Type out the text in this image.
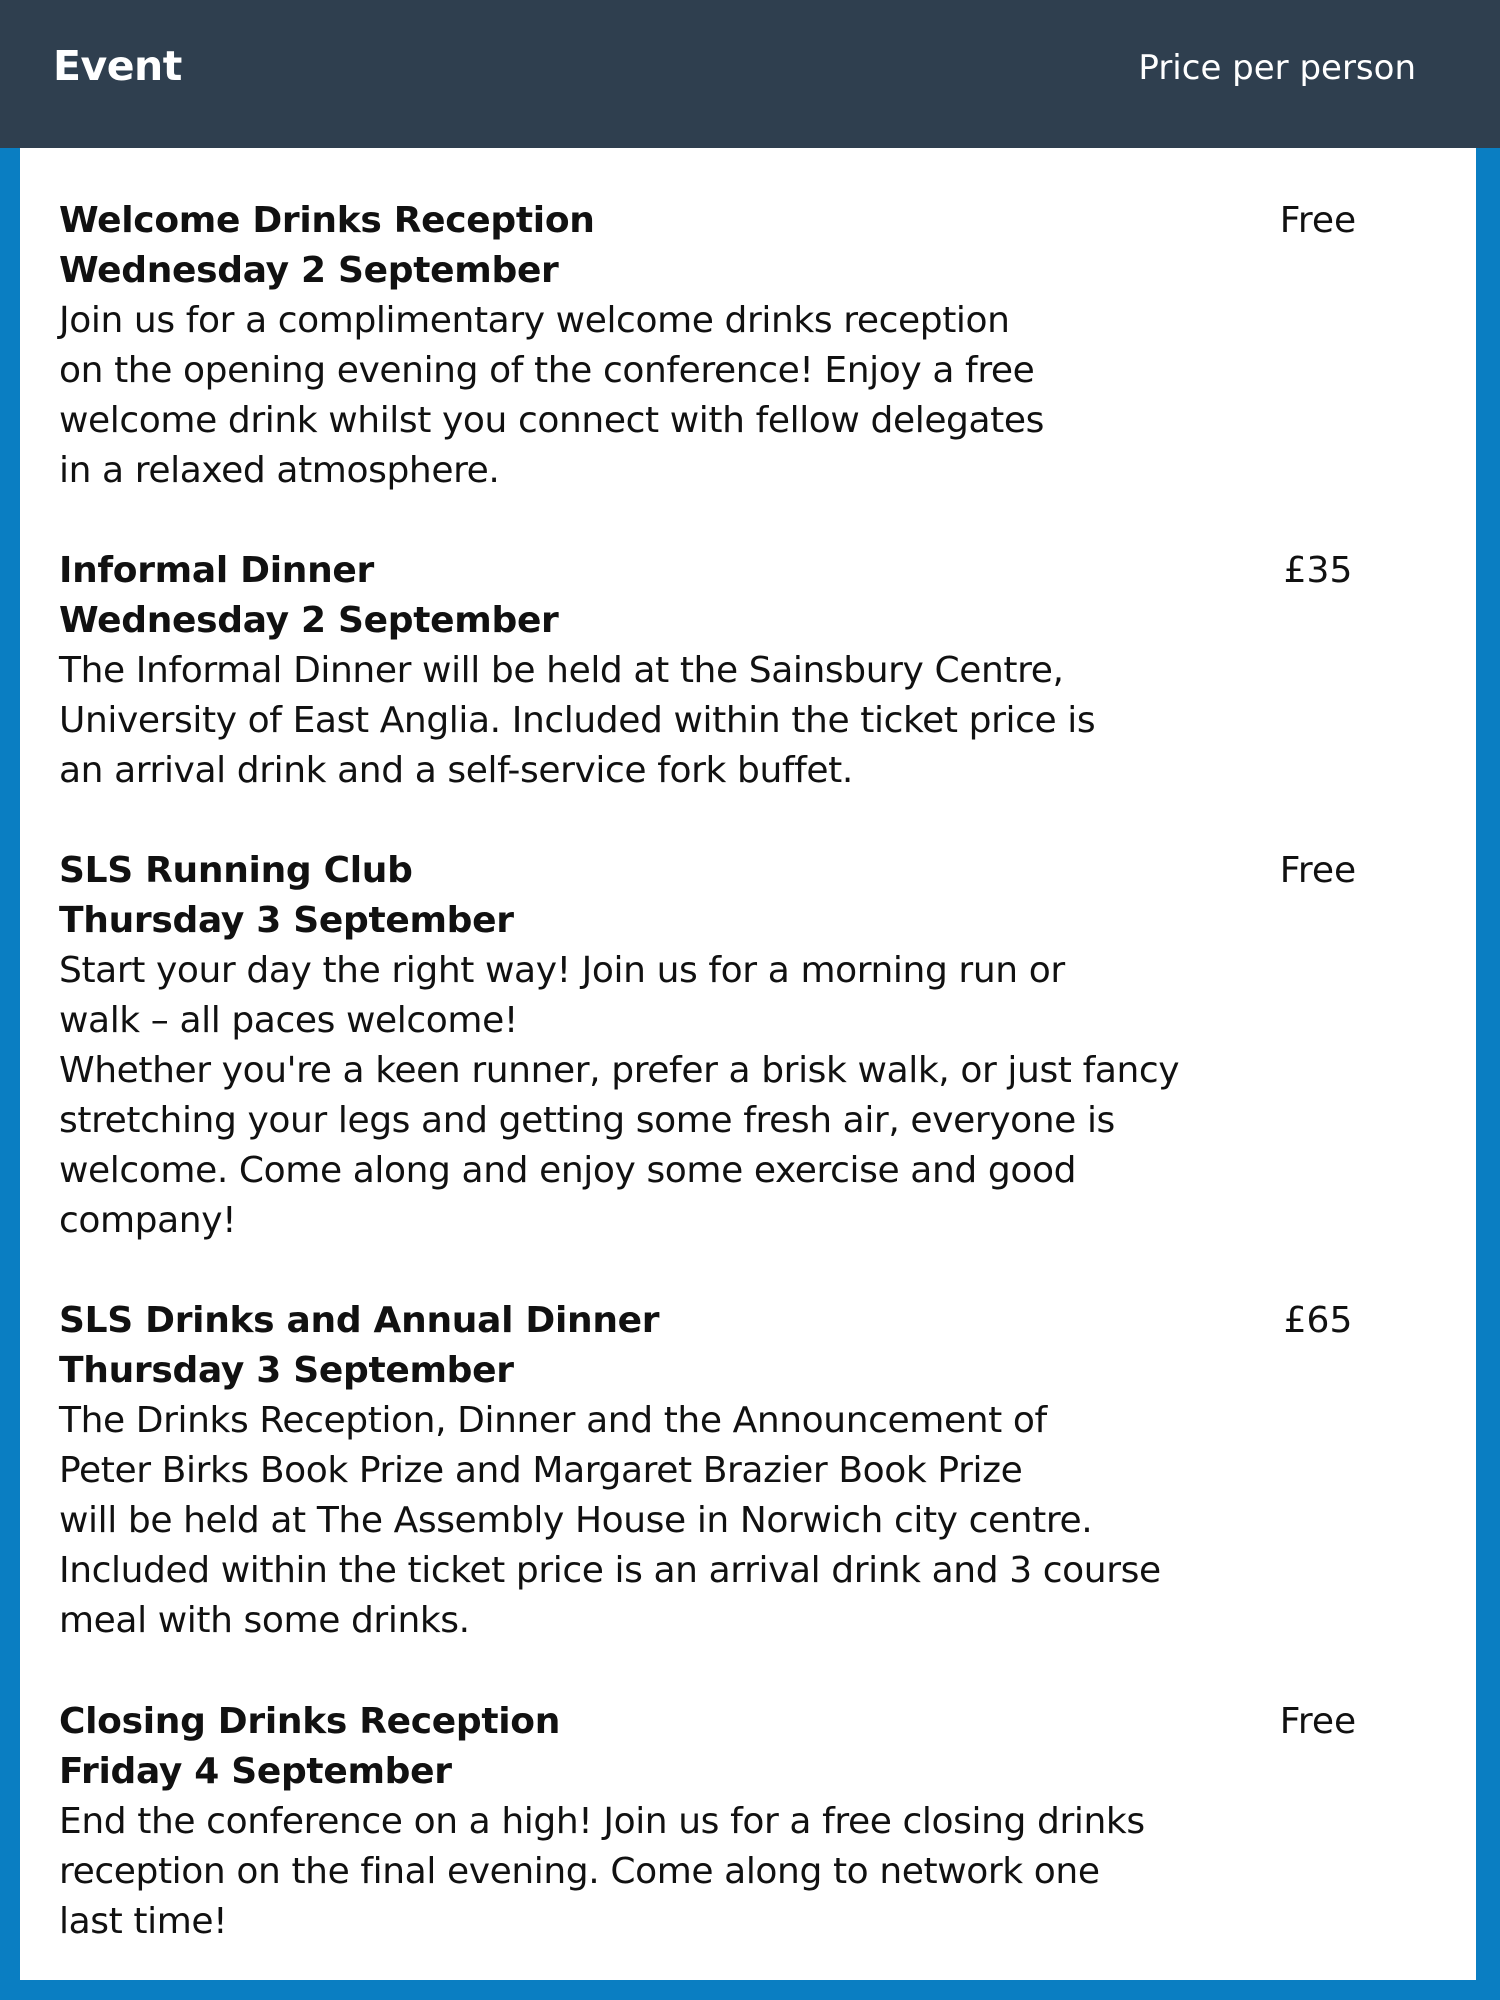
Event	Price per person
Welcome Drinks Reception
Wednesday 2 September
Join us for a complimentary welcome drinks reception
on the opening evening of the conference! Enjoy a free
welcome drink whilst you connect with fellow delegates
in a relaxed atmosphere.
Free
Informal Dinner
Wednesday 2 September
The Informal Dinner will be held at the Sainsbury Centre,
University of East Anglia. Included within the ticket price is
an arrival drink and a self-service fork buffet.
£35
SLS Running Club
Thursday 3 September
Start your day the right way! Join us for a morning run or
walk – all paces welcome!
Whether you're a keen runner, prefer a brisk walk, or just fancy
stretching your legs and getting some fresh air, everyone is
welcome. Come along and enjoy some exercise and good
company!
Free
SLS Drinks and Annual Dinner
Thursday 3 September
The Drinks Reception, Dinner and the Announcement of
Peter Birks Book Prize and Margaret Brazier Book Prize
will be held at The Assembly House in Norwich city centre.
Included within the ticket price is an arrival drink and 3 course
meal with some drinks.
£65
Closing Drinks Reception
Friday 4 September
End the conference on a high! Join us for a free closing drinks
reception on the final evening. Come along to network one
last time!
Free
